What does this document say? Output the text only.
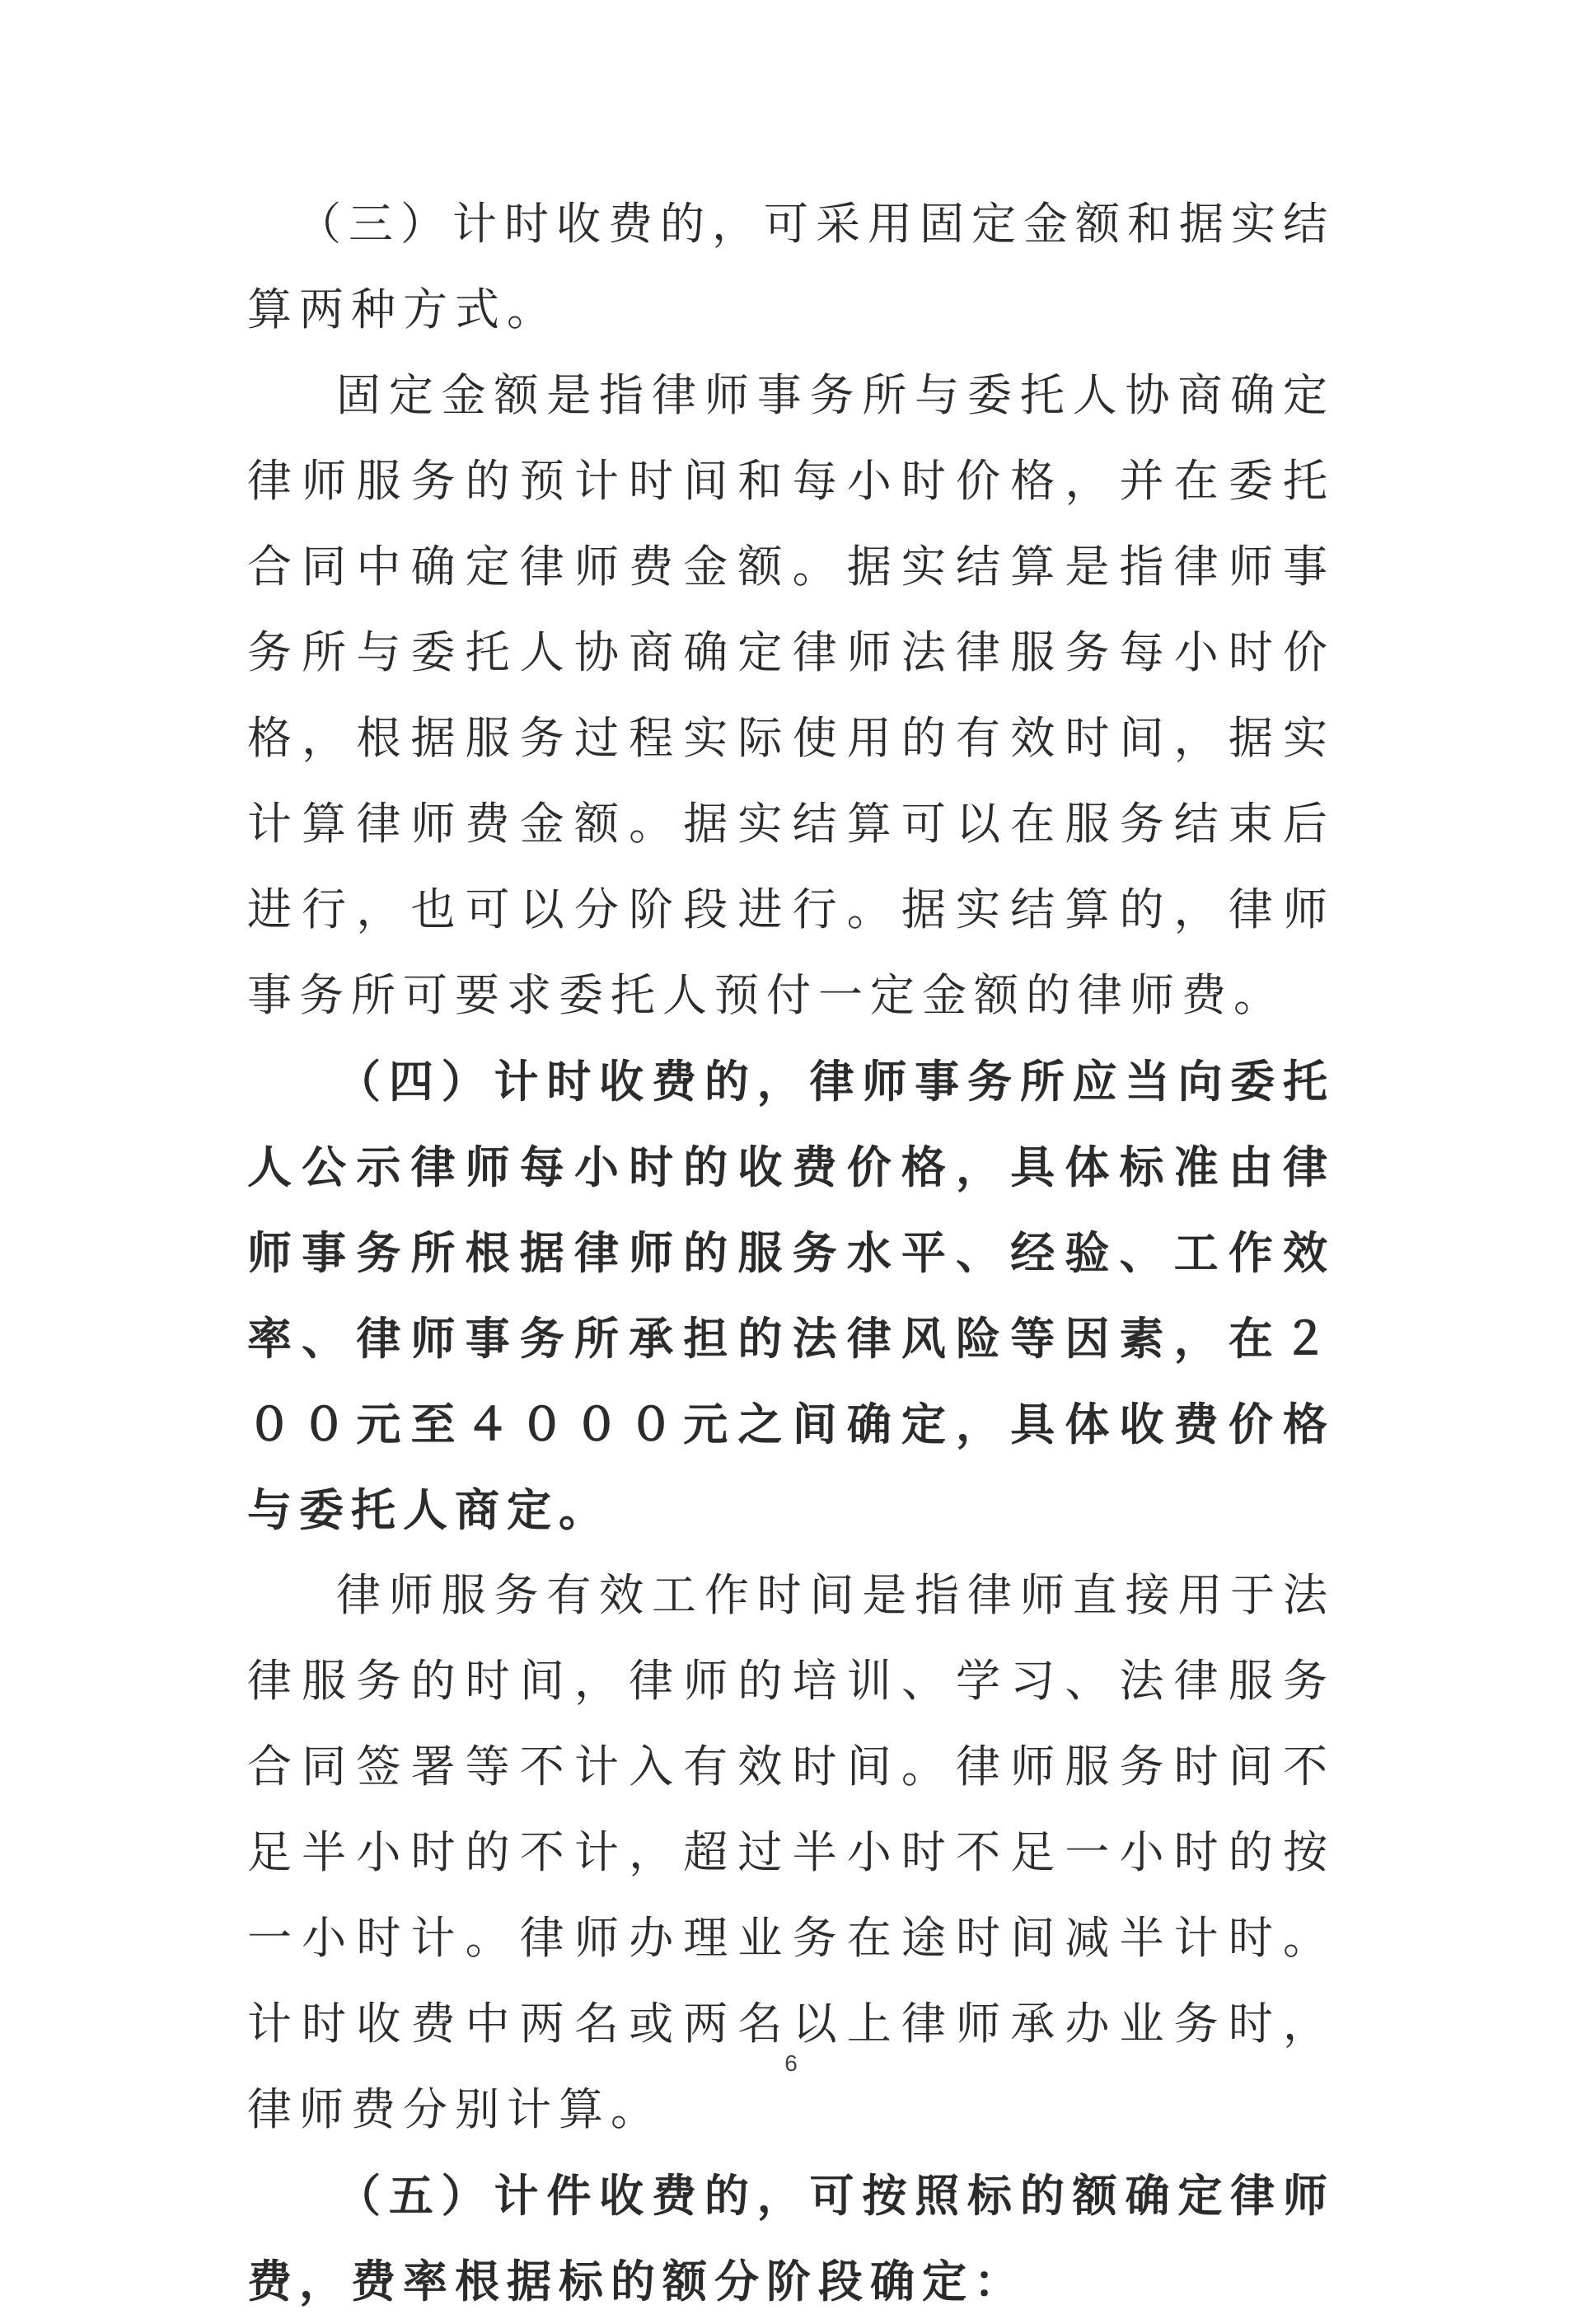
（三）计时收费的，可采用固定金额和据实结算两种方式。

固定金额是指律师事务所与委托人协商确定律师服务的预计时间和每小时价格，并在委托合同中确定律师费金额。据实结算是指律师事务所与委托人协商确定律师法律服务每小时价格，根据服务过程实际使用的有效时间，据实计算律师费金额。据实结算可以在服务结束后进行，也可以分阶段进行。据实结算的，律师事务所可要求委托人预付一定金额的律师费。

（四）计时收费的，律师事务所应当向委托人公示律师每小时的收费价格，具体标准由律师事务所根据律师的服务水平、经验、工作效率、律师事务所承担的法律风险等因素，在２００元至４０００元之间确定，具体收费价格与委托人商定。

律师服务有效工作时间是指律师直接用于法律服务的时间，律师的培训、学习、法律服务合同签署等不计入有效时间。律师服务时间不足半小时的不计，超过半小时不足一小时的按一小时计。律师办理业务在途时间减半计时。计时收费中两名或两名以上律师承办业务时，律师费分别计算。

（五）计件收费的，可按照标的额确定律师费，费率根据标的额分阶段确定：

6
